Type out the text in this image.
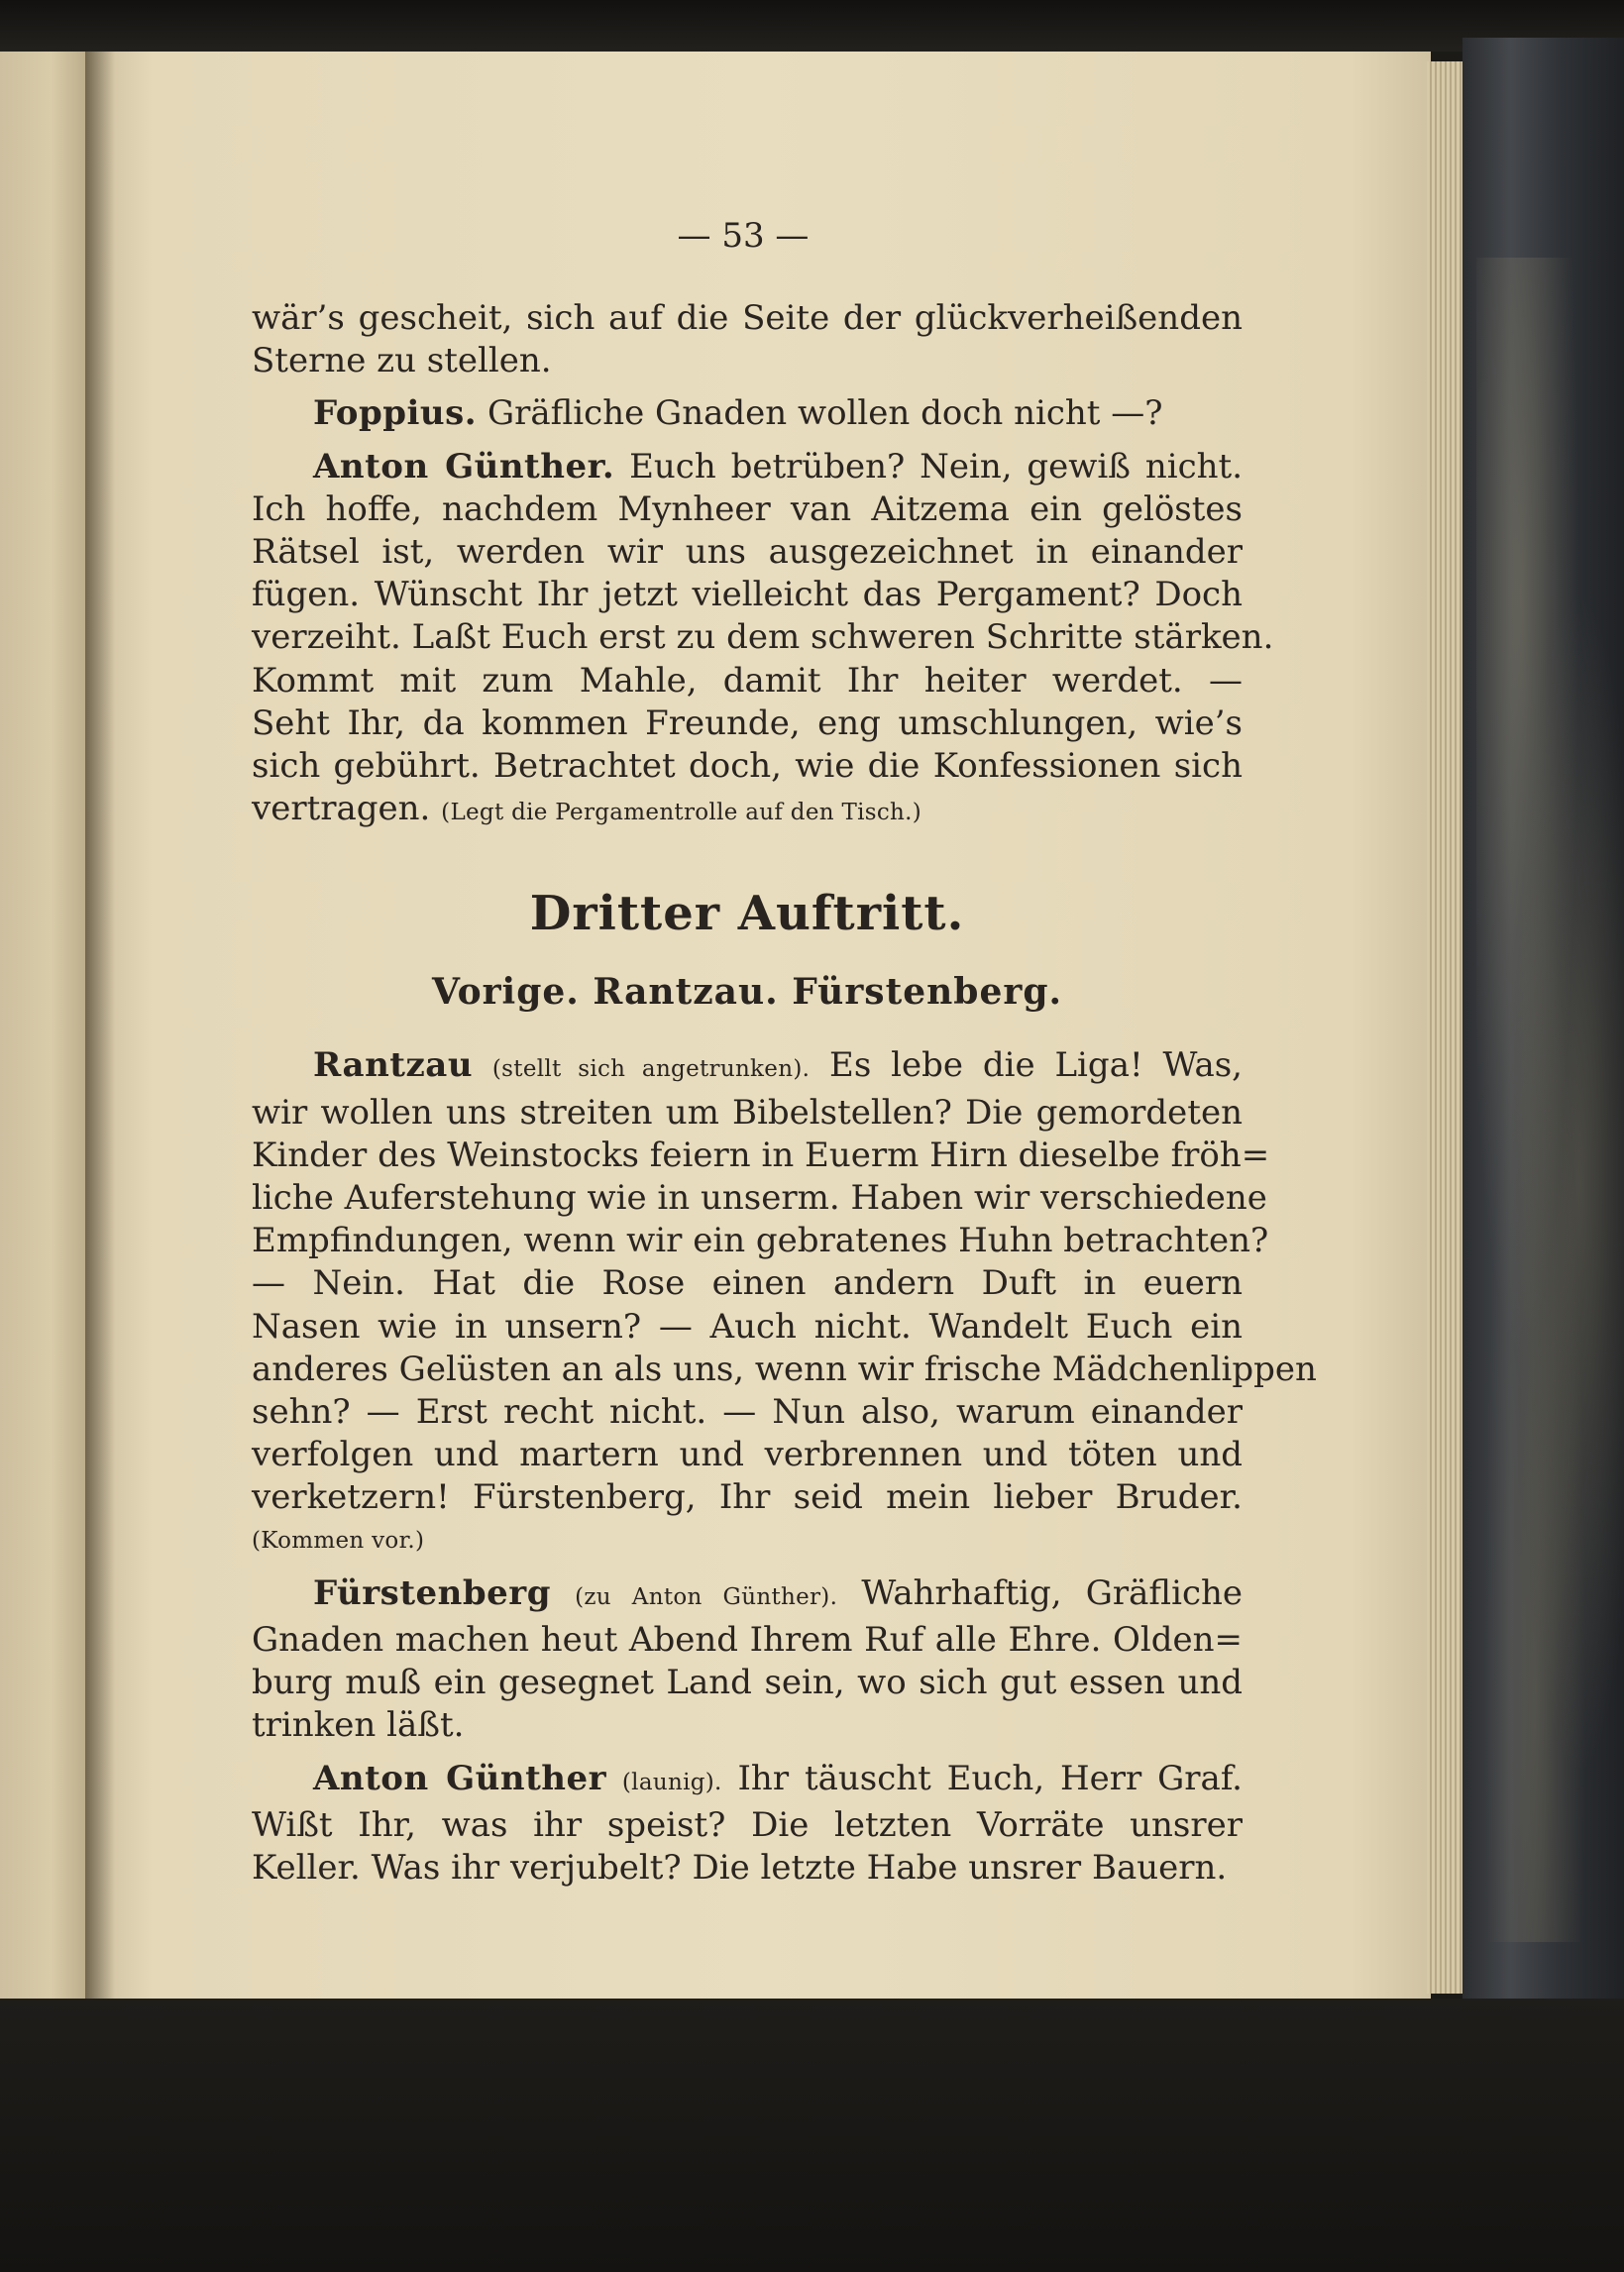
— 53 —

wär’s gescheit, sich auf die Seite der glückverheißenden
Sterne zu stellen.

Foppius. Gräfliche Gnaden wollen doch nicht —?

Anton Günther. Euch betrüben? Nein, gewiß nicht.
Ich hoffe, nachdem Mynheer van Aitzema ein gelöstes
Rätsel ist, werden wir uns ausgezeichnet in einander
fügen. Wünscht Ihr jetzt vielleicht das Pergament? Doch
verzeiht. Laßt Euch erst zu dem schweren Schritte stärken.
Kommt mit zum Mahle, damit Ihr heiter werdet. —
Seht Ihr, da kommen Freunde, eng umschlungen, wie’s
sich gebührt. Betrachtet doch, wie die Konfessionen sich
vertragen. (Legt die Pergamentrolle auf den Tisch.)

Dritter Auftritt.
Vorige. Rantzau. Fürstenberg.

Rantzau (stellt sich angetrunken). Es lebe die Liga! Was,
wir wollen uns streiten um Bibelstellen? Die gemordeten
Kinder des Weinstocks feiern in Euerm Hirn dieselbe fröh=
liche Auferstehung wie in unserm. Haben wir verschiedene
Empfindungen, wenn wir ein gebratenes Huhn betrachten?
— Nein. Hat die Rose einen andern Duft in euern
Nasen wie in unsern? — Auch nicht. Wandelt Euch ein
anderes Gelüsten an als uns, wenn wir frische Mädchenlippen
sehn? — Erst recht nicht. — Nun also, warum einander
verfolgen und martern und verbrennen und töten und
verketzern! Fürstenberg, Ihr seid mein lieber Bruder.
(Kommen vor.)

Fürstenberg (zu Anton Günther). Wahrhaftig, Gräfliche
Gnaden machen heut Abend Ihrem Ruf alle Ehre. Olden=
burg muß ein gesegnet Land sein, wo sich gut essen und
trinken läßt.

Anton Günther (launig). Ihr täuscht Euch, Herr Graf.
Wißt Ihr, was ihr speist? Die letzten Vorräte unsrer
Keller. Was ihr verjubelt? Die letzte Habe unsrer Bauern.
